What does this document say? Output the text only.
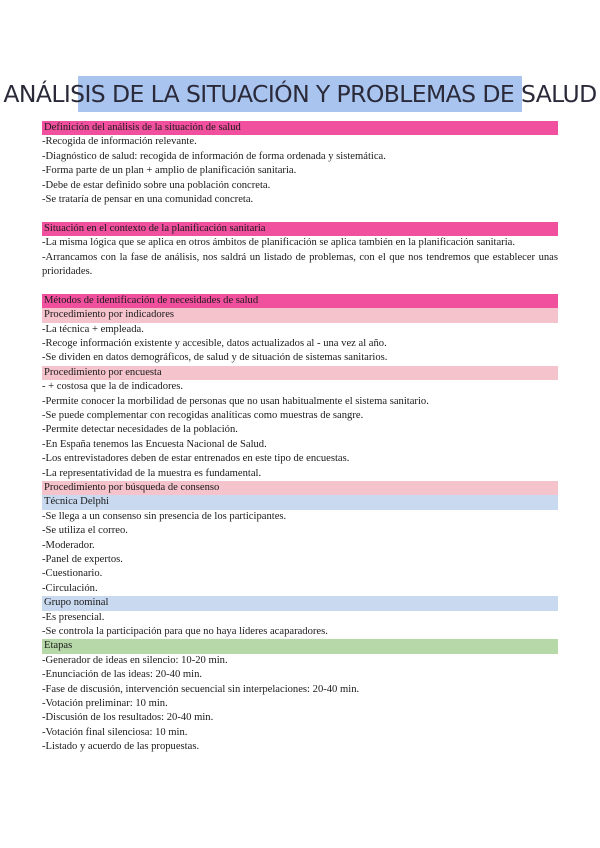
ANÁLISIS DE LA SITUACIÓN Y PROBLEMAS DE SALUD
Definición del análisis de la situación de salud
-Recogida de información relevante.
-Diagnóstico de salud: recogida de información de forma ordenada y sistemática.
-Forma parte de un plan + amplio de planificación sanitaria.
-Debe de estar definido sobre una población concreta.
-Se trataría de pensar en una comunidad concreta.
Situación en el contexto de la planificación sanitaria
-La misma lógica que se aplica en otros ámbitos de planificación se aplica también en la planificación sanitaria.
-Arrancamos con la fase de análisis, nos saldrá un listado de problemas, con el que nos tendremos que establecer unas prioridades.
Métodos de identificación de necesidades de salud
Procedimiento por indicadores
-La técnica + empleada.
-Recoge información existente y accesible, datos actualizados al - una vez al año.
-Se dividen en datos demográficos, de salud y de situación de sistemas sanitarios.
Procedimiento por encuesta
- + costosa que la de indicadores.
-Permite conocer la morbilidad de personas que no usan habitualmente el sistema sanitario.
-Se puede complementar con recogidas analíticas como muestras de sangre.
-Permite detectar necesidades de la población.
-En España tenemos las Encuesta Nacional de Salud.
-Los entrevistadores deben de estar entrenados en este tipo de encuestas.
-La representatividad de la muestra es fundamental.
Procedimiento por búsqueda de consenso
Técnica Delphi
-Se llega a un consenso sin presencia de los participantes.
-Se utiliza el correo.
-Moderador.
-Panel de expertos.
-Cuestionario.
-Circulación.
Grupo nominal
-Es presencial.
-Se controla la participación para que no haya líderes acaparadores.
Etapas
-Generador de ideas en silencio: 10-20 min.
-Enunciación de las ideas: 20-40 min.
-Fase de discusión, intervención secuencial sin interpelaciones: 20-40 min.
-Votación preliminar: 10 min.
-Discusión de los resultados: 20-40 min.
-Votación final silenciosa: 10 min.
-Listado y acuerdo de las propuestas.
